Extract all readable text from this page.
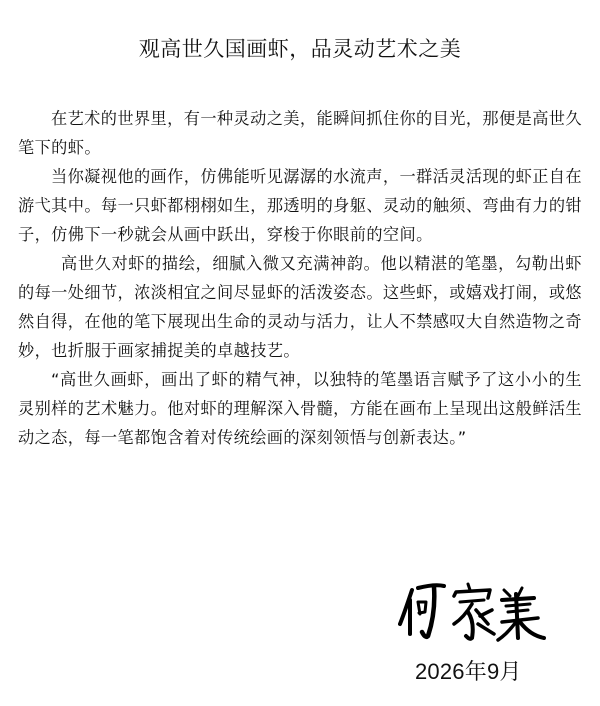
观高世久国画虾，品灵动艺术之美

在艺术的世界里，有一种灵动之美，能瞬间抓住你的目光，那便是高世久笔下的虾。

当你凝视他的画作，仿佛能听见潺潺的水流声，一群活灵活现的虾正自在游弋其中。每一只虾都栩栩如生，那透明的身躯、灵动的触须、弯曲有力的钳子，仿佛下一秒就会从画中跃出，穿梭于你眼前的空间。

高世久对虾的描绘，细腻入微又充满神韵。他以精湛的笔墨，勾勒出虾的每一处细节，浓淡相宜之间尽显虾的活泼姿态。这些虾，或嬉戏打闹，或悠然自得，在他的笔下展现出生命的灵动与活力，让人不禁感叹大自然造物之奇妙，也折服于画家捕捉美的卓越技艺。

“高世久画虾，画出了虾的精气神，以独特的笔墨语言赋予了这小小的生灵别样的艺术魅力。他对虾的理解深入骨髓，方能在画布上呈现出这般鲜活生动之态，每一笔都饱含着对传统绘画的深刻领悟与创新表达。”

2026年9月
